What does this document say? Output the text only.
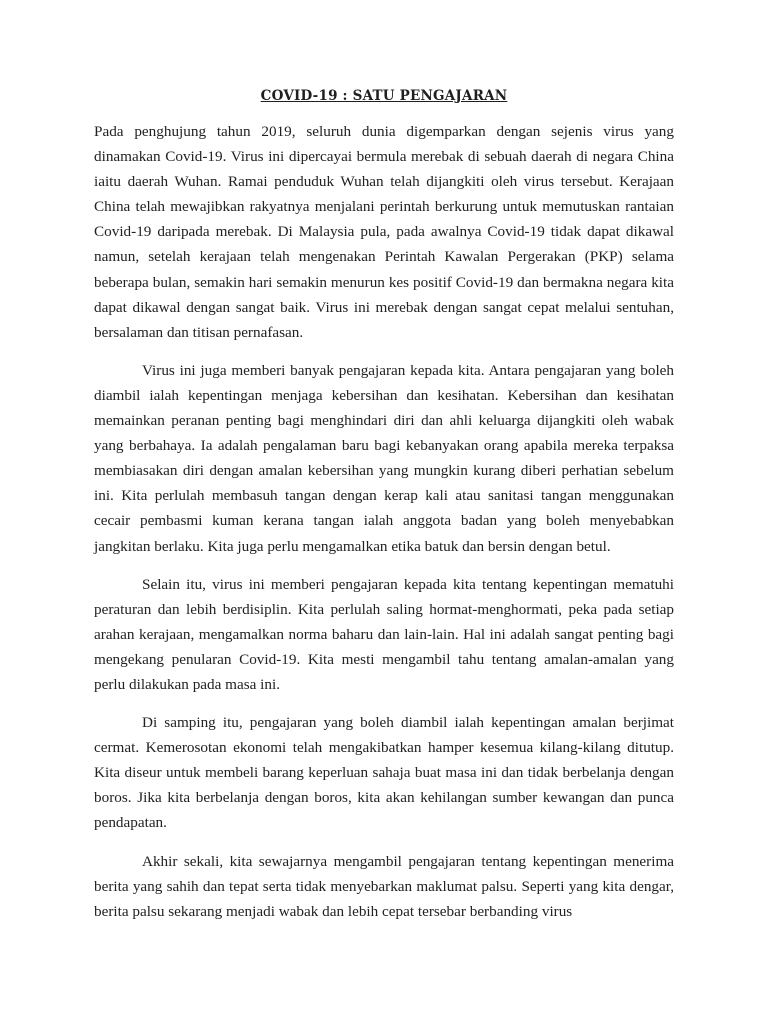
COVID-19 : SATU PENGAJARAN

Pada penghujung tahun 2019, seluruh dunia digemparkan dengan sejenis virus yang dinamakan Covid-19. Virus ini dipercayai bermula merebak di sebuah daerah di negara China iaitu daerah Wuhan. Ramai penduduk Wuhan telah dijangkiti oleh virus tersebut. Kerajaan China telah mewajibkan rakyatnya menjalani perintah berkurung untuk memutuskan rantaian Covid-19 daripada merebak. Di Malaysia pula, pada awalnya Covid-19 tidak dapat dikawal namun, setelah kerajaan telah mengenakan Perintah Kawalan Pergerakan (PKP) selama beberapa bulan, semakin hari semakin menurun kes positif Covid-19 dan bermakna negara kita dapat dikawal dengan sangat baik. Virus ini merebak dengan sangat cepat melalui sentuhan, bersalaman dan titisan pernafasan.

Virus ini juga memberi banyak pengajaran kepada kita. Antara pengajaran yang boleh diambil ialah kepentingan menjaga kebersihan dan kesihatan. Kebersihan dan kesihatan memainkan peranan penting bagi menghindari diri dan ahli keluarga dijangkiti oleh wabak yang berbahaya. Ia adalah pengalaman baru bagi kebanyakan orang apabila mereka terpaksa membiasakan diri dengan amalan kebersihan yang mungkin kurang diberi perhatian sebelum ini. Kita perlulah membasuh tangan dengan kerap kali atau sanitasi tangan menggunakan cecair pembasmi kuman kerana tangan ialah anggota badan yang boleh menyebabkan jangkitan berlaku. Kita juga perlu mengamalkan etika batuk dan bersin dengan betul.

Selain itu, virus ini memberi pengajaran kepada kita tentang kepentingan mematuhi peraturan dan lebih berdisiplin. Kita perlulah saling hormat-menghormati, peka pada setiap arahan kerajaan, mengamalkan norma baharu dan lain-lain. Hal ini adalah sangat penting bagi mengekang penularan Covid-19. Kita mesti mengambil tahu tentang amalan-amalan yang perlu dilakukan pada masa ini.

Di samping itu, pengajaran yang boleh diambil ialah kepentingan amalan berjimat cermat. Kemerosotan ekonomi telah mengakibatkan hamper kesemua kilang-kilang ditutup. Kita diseur untuk membeli barang keperluan sahaja buat masa ini dan tidak berbelanja dengan boros. Jika kita berbelanja dengan boros, kita akan kehilangan sumber kewangan dan punca pendapatan.

Akhir sekali, kita sewajarnya mengambil pengajaran tentang kepentingan menerima berita yang sahih dan tepat serta tidak menyebarkan maklumat palsu. Seperti yang kita dengar, berita palsu sekarang menjadi wabak dan lebih cepat tersebar berbanding virus
